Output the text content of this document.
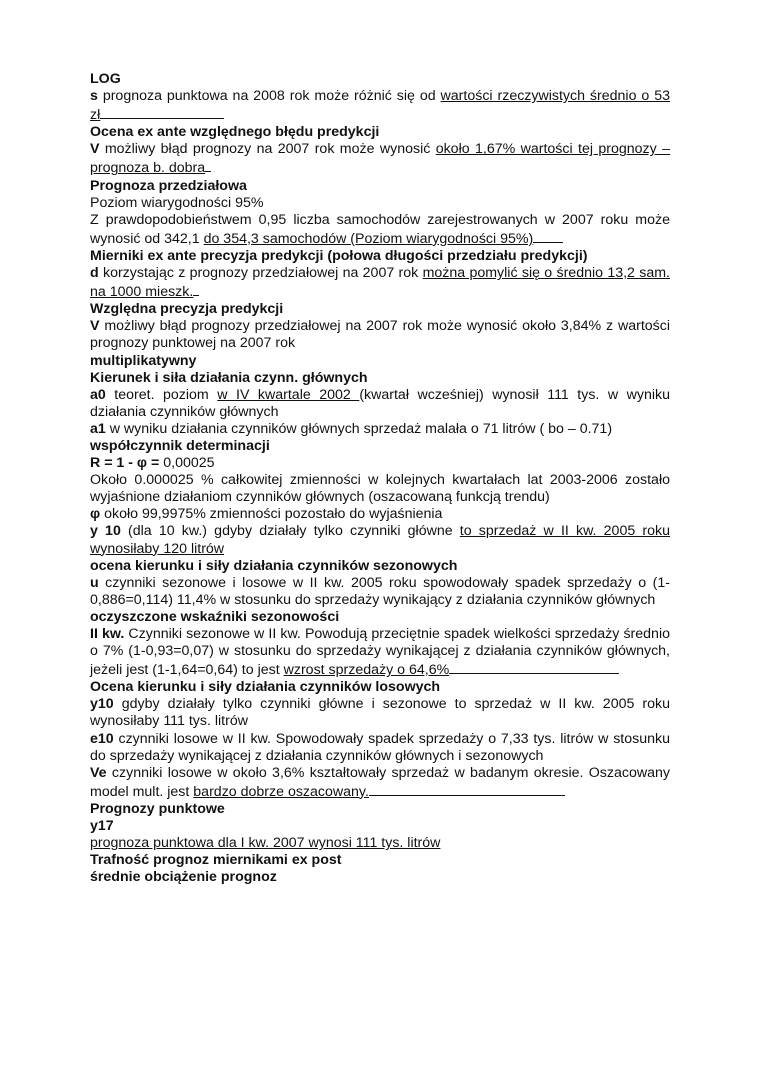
LOG

s prognoza punktowa na 2008 rok może różnić się od wartości rzeczywistych średnio o 53 zł

Ocena ex ante względnego błędu predykcji

V możliwy błąd prognozy na 2007 rok może wynosić około 1,67% wartości tej prognozy – prognoza b. dobra

Prognoza przedziałowa

Poziom wiarygodności 95%

Z prawdopodobieństwem 0,95 liczba samochodów zarejestrowanych w 2007 roku może wynosić od 342,1 do 354,3 samochodów (Poziom wiarygodności 95%)

Mierniki ex ante precyzja predykcji (połowa długości przedziału predykcji)

d korzystając z prognozy przedziałowej na 2007 rok można pomylić się o średnio 13,2 sam. na 1000 mieszk.

Względna precyzja predykcji

V możliwy błąd prognozy przedziałowej na 2007 rok może wynosić około 3,84% z wartości prognozy punktowej na 2007 rok

multiplikatywny

Kierunek i siła działania czynn. głównych

a0 teoret. poziom w IV kwartale 2002 (kwartał wcześniej) wynosił 111 tys. w wyniku działania czynników głównych

a1 w wyniku działania czynników głównych sprzedaż malała o 71 litrów ( bo – 0.71)

współczynnik determinacji

R = 1 - φ = 0,00025

Około 0.000025 % całkowitej zmienności w kolejnych kwartałach lat 2003-2006 zostało wyjaśnione działaniom czynników głównych (oszacowaną funkcją trendu)

φ około 99,9975% zmienności pozostało do wyjaśnienia

y 10 (dla 10 kw.) gdyby działały tylko czynniki główne to sprzedaż w II kw. 2005 roku wynosiłaby 120 litrów

ocena kierunku i siły działania czynników sezonowych

u czynniki sezonowe i losowe w II kw. 2005 roku spowodowały spadek sprzedaży o (1- 0,886=0,114) 11,4% w stosunku do sprzedaży wynikający z działania czynników głównych

oczyszczone wskaźniki sezonowości

II kw. Czynniki sezonowe w II kw. Powodują przeciętnie spadek wielkości sprzedaży średnio o 7% (1-0,93=0,07) w stosunku do sprzedaży wynikającej z działania czynników głównych, jeżeli jest (1-1,64=0,64) to jest wzrost sprzedaży o 64,6%

Ocena kierunku i siły działania czynników losowych

y10 gdyby działały tylko czynniki główne i sezonowe to sprzedaż w II kw. 2005 roku wynosiłaby 111 tys. litrów

e10 czynniki losowe w II kw. Spowodowały spadek sprzedaży o 7,33 tys. litrów w stosunku do sprzedaży wynikającej z działania czynników głównych i sezonowych

Ve czynniki losowe w około 3,6% kształtowały sprzedaż w badanym okresie. Oszacowany model mult. jest bardzo dobrze oszacowany.

Prognozy punktowe

y17

prognoza punktowa dla I kw. 2007 wynosi 111 tys. litrów

Trafność prognoz miernikami ex post

średnie obciążenie prognoz
